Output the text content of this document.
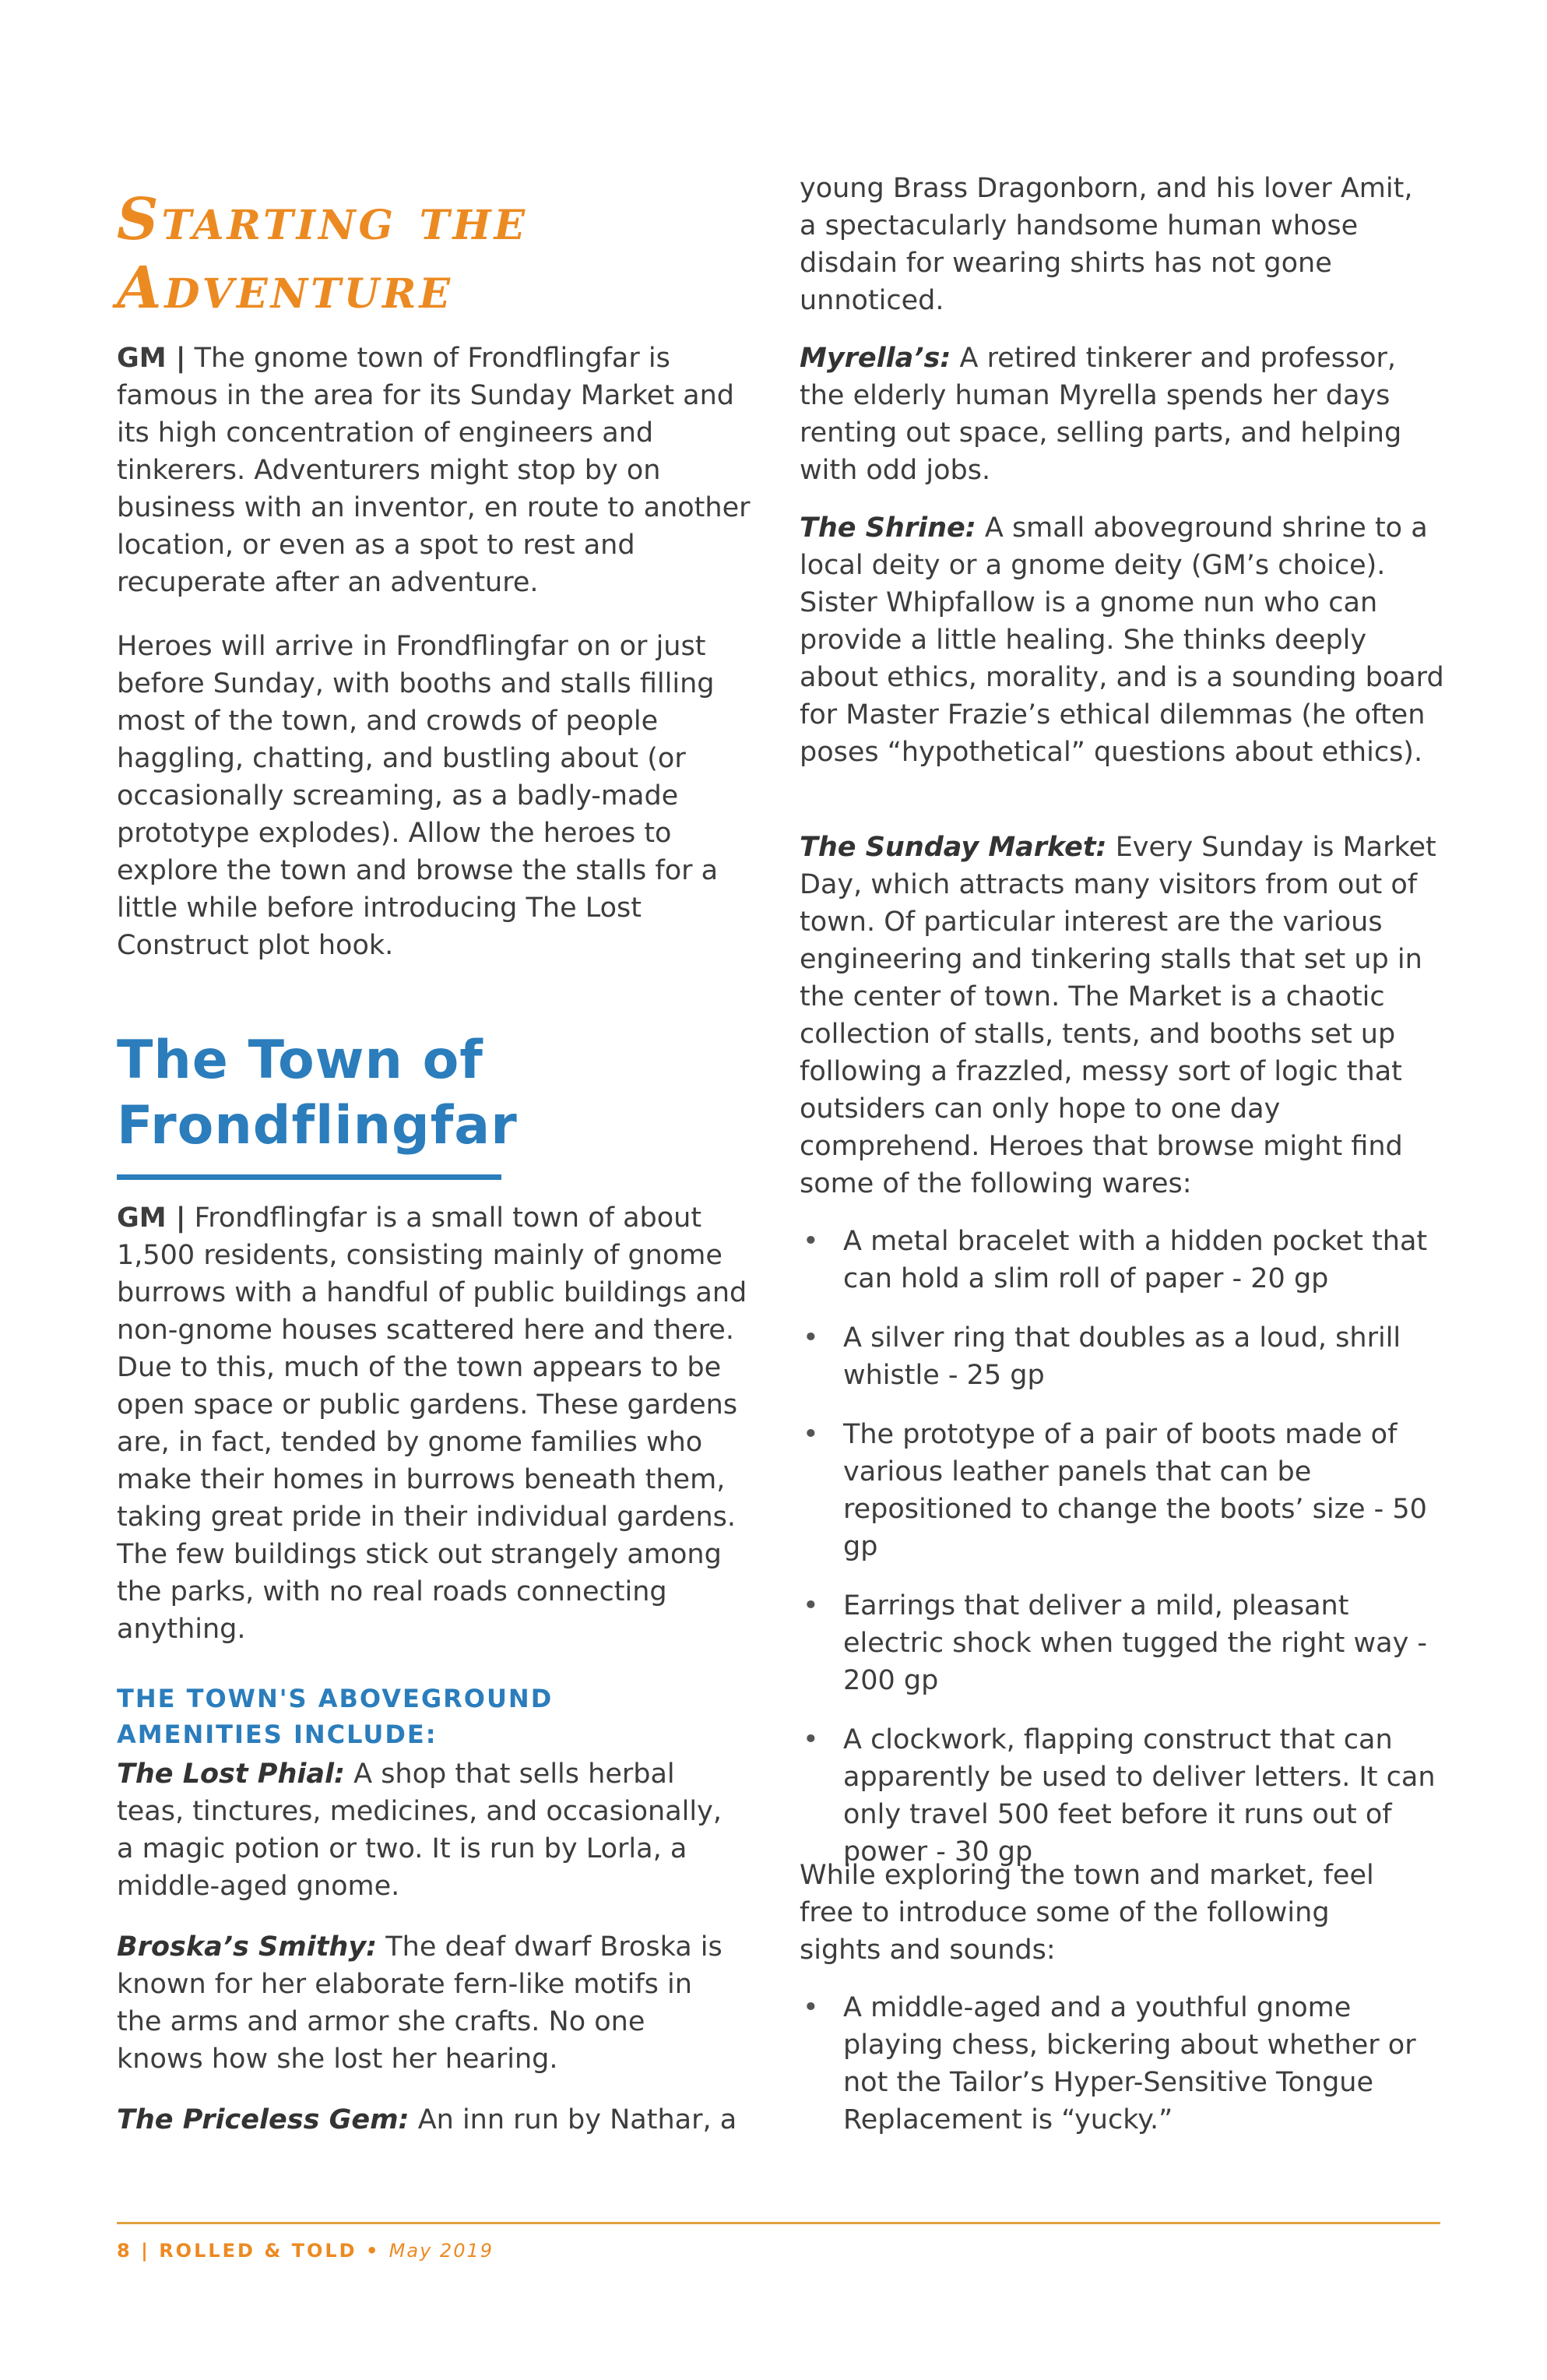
Starting the Adventure

GM | The gnome town of Frondflingfar is famous in the area for its Sunday Market and its high concentration of engineers and tinkerers. Adventurers might stop by on business with an inventor, en route to another location, or even as a spot to rest and recuperate after an adventure.

Heroes will arrive in Frondflingfar on or just before Sunday, with booths and stalls filling most of the town, and crowds of people haggling, chatting, and bustling about (or occasionally screaming, as a badly-made prototype explodes). Allow the heroes to explore the town and browse the stalls for a little while before introducing The Lost Construct plot hook.

The Town of
Frondflingfar

GM | Frondflingfar is a small town of about 1,500 residents, consisting mainly of gnome burrows with a handful of public buildings and non-gnome houses scattered here and there. Due to this, much of the town appears to be open space or public gardens. These gardens are, in fact, tended by gnome families who make their homes in burrows beneath them, taking great pride in their individual gardens. The few buildings stick out strangely among the parks, with no real roads connecting anything.

THE TOWN'S ABOVEGROUND
AMENITIES INCLUDE:

The Lost Phial: A shop that sells herbal teas, tinctures, medicines, and occasionally, a magic potion or two. It is run by Lorla, a middle-aged gnome.

Broska’s Smithy: The deaf dwarf Broska is known for her elaborate fern-like motifs in the arms and armor she crafts. No one knows how she lost her hearing.

The Priceless Gem: An inn run by Nathar, a

young Brass Dragonborn, and his lover Amit, a spectacularly handsome human whose disdain for wearing shirts has not gone unnoticed.

Myrella’s: A retired tinkerer and professor, the elderly human Myrella spends her days renting out space, selling parts, and helping with odd jobs.

The Shrine: A small aboveground shrine to a local deity or a gnome deity (GM’s choice). Sister Whipfallow is a gnome nun who can provide a little healing. She thinks deeply about ethics, morality, and is a sounding board for Master Frazie’s ethical dilemmas (he often poses “hypothetical” questions about ethics).

The Sunday Market: Every Sunday is Market Day, which attracts many visitors from out of town. Of particular interest are the various engineering and tinkering stalls that set up in the center of town. The Market is a chaotic collection of stalls, tents, and booths set up following a frazzled, messy sort of logic that outsiders can only hope to one day comprehend. Heroes that browse might find some of the following wares:

• A metal bracelet with a hidden pocket that can hold a slim roll of paper - 20 gp
• A silver ring that doubles as a loud, shrill whistle - 25 gp
• The prototype of a pair of boots made of various leather panels that can be repositioned to change the boots’ size - 50 gp
• Earrings that deliver a mild, pleasant electric shock when tugged the right way - 200 gp
• A clockwork, flapping construct that can apparently be used to deliver letters. It can only travel 500 feet before it runs out of power - 30 gp

While exploring the town and market, feel free to introduce some of the following sights and sounds:

• A middle-aged and a youthful gnome playing chess, bickering about whether or not the Tailor’s Hyper-Sensitive Tongue Replacement is “yucky.”
8 | ROLLED & TOLD • May 2019
